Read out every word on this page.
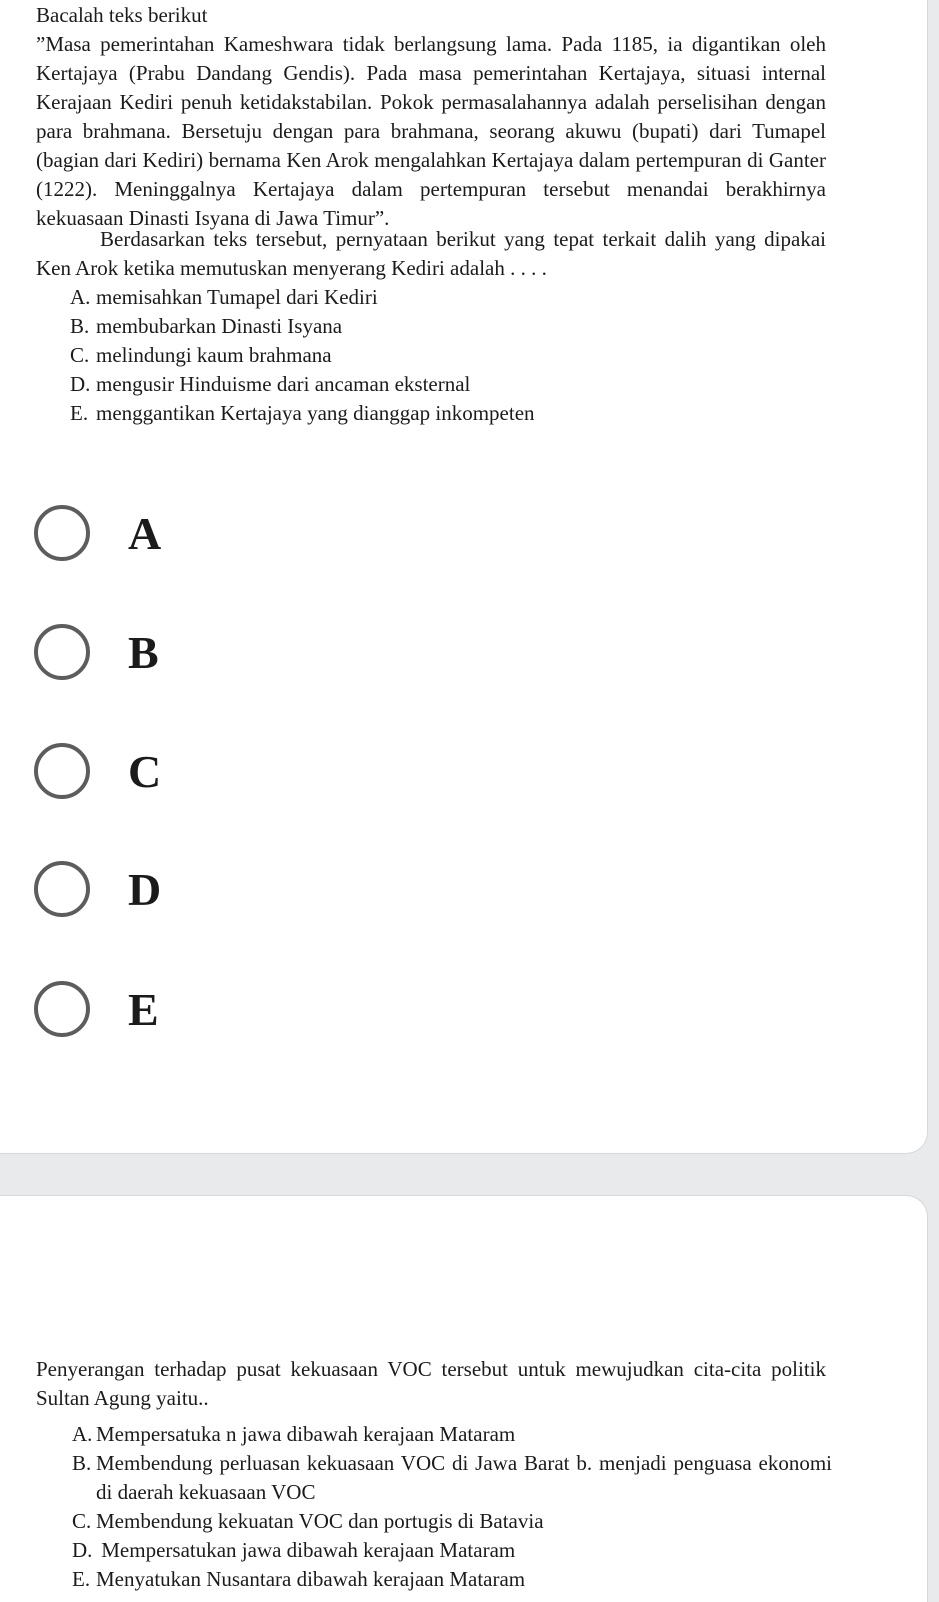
Bacalah teks berikut
”Masa pemerintahan Kameshwara tidak berlangsung lama. Pada 1185, ia digantikan oleh Kertajaya (Prabu Dandang Gendis). Pada masa pemerintahan Kertajaya, situasi internal Kerajaan Kediri penuh ketidakstabilan. Pokok permasalahannya adalah perselisihan dengan para brahmana. Bersetuju dengan para brahmana, seorang akuwu (bupati) dari Tumapel (bagian dari Kediri) bernama Ken Arok mengalahkan Kertajaya dalam pertempuran di Ganter (1222). Meninggalnya Kertajaya dalam pertempuran tersebut menandai berakhirnya kekuasaan Dinasti Isyana di Jawa Timur”.
Berdasarkan teks tersebut, pernyataan berikut yang tepat terkait dalih yang dipakai Ken Arok ketika memutuskan menyerang Kediri adalah . . . .
A. memisahkan Tumapel dari Kediri
B. membubarkan Dinasti Isyana
C. melindungi kaum brahmana
D. mengusir Hinduisme dari ancaman eksternal
E. menggantikan Kertajaya yang dianggap inkompeten
A
B
C
D
E
Penyerangan terhadap pusat kekuasaan VOC tersebut untuk mewujudkan cita-cita politik Sultan Agung yaitu..
A. Mempersatuka n jawa dibawah kerajaan Mataram
B. Membendung perluasan kekuasaan VOC di Jawa Barat b. menjadi penguasa ekonomi di daerah kekuasaan VOC
C. Membendung kekuatan VOC dan portugis di Batavia
D. Mempersatukan jawa dibawah kerajaan Mataram
E. Menyatukan Nusantara dibawah kerajaan Mataram
